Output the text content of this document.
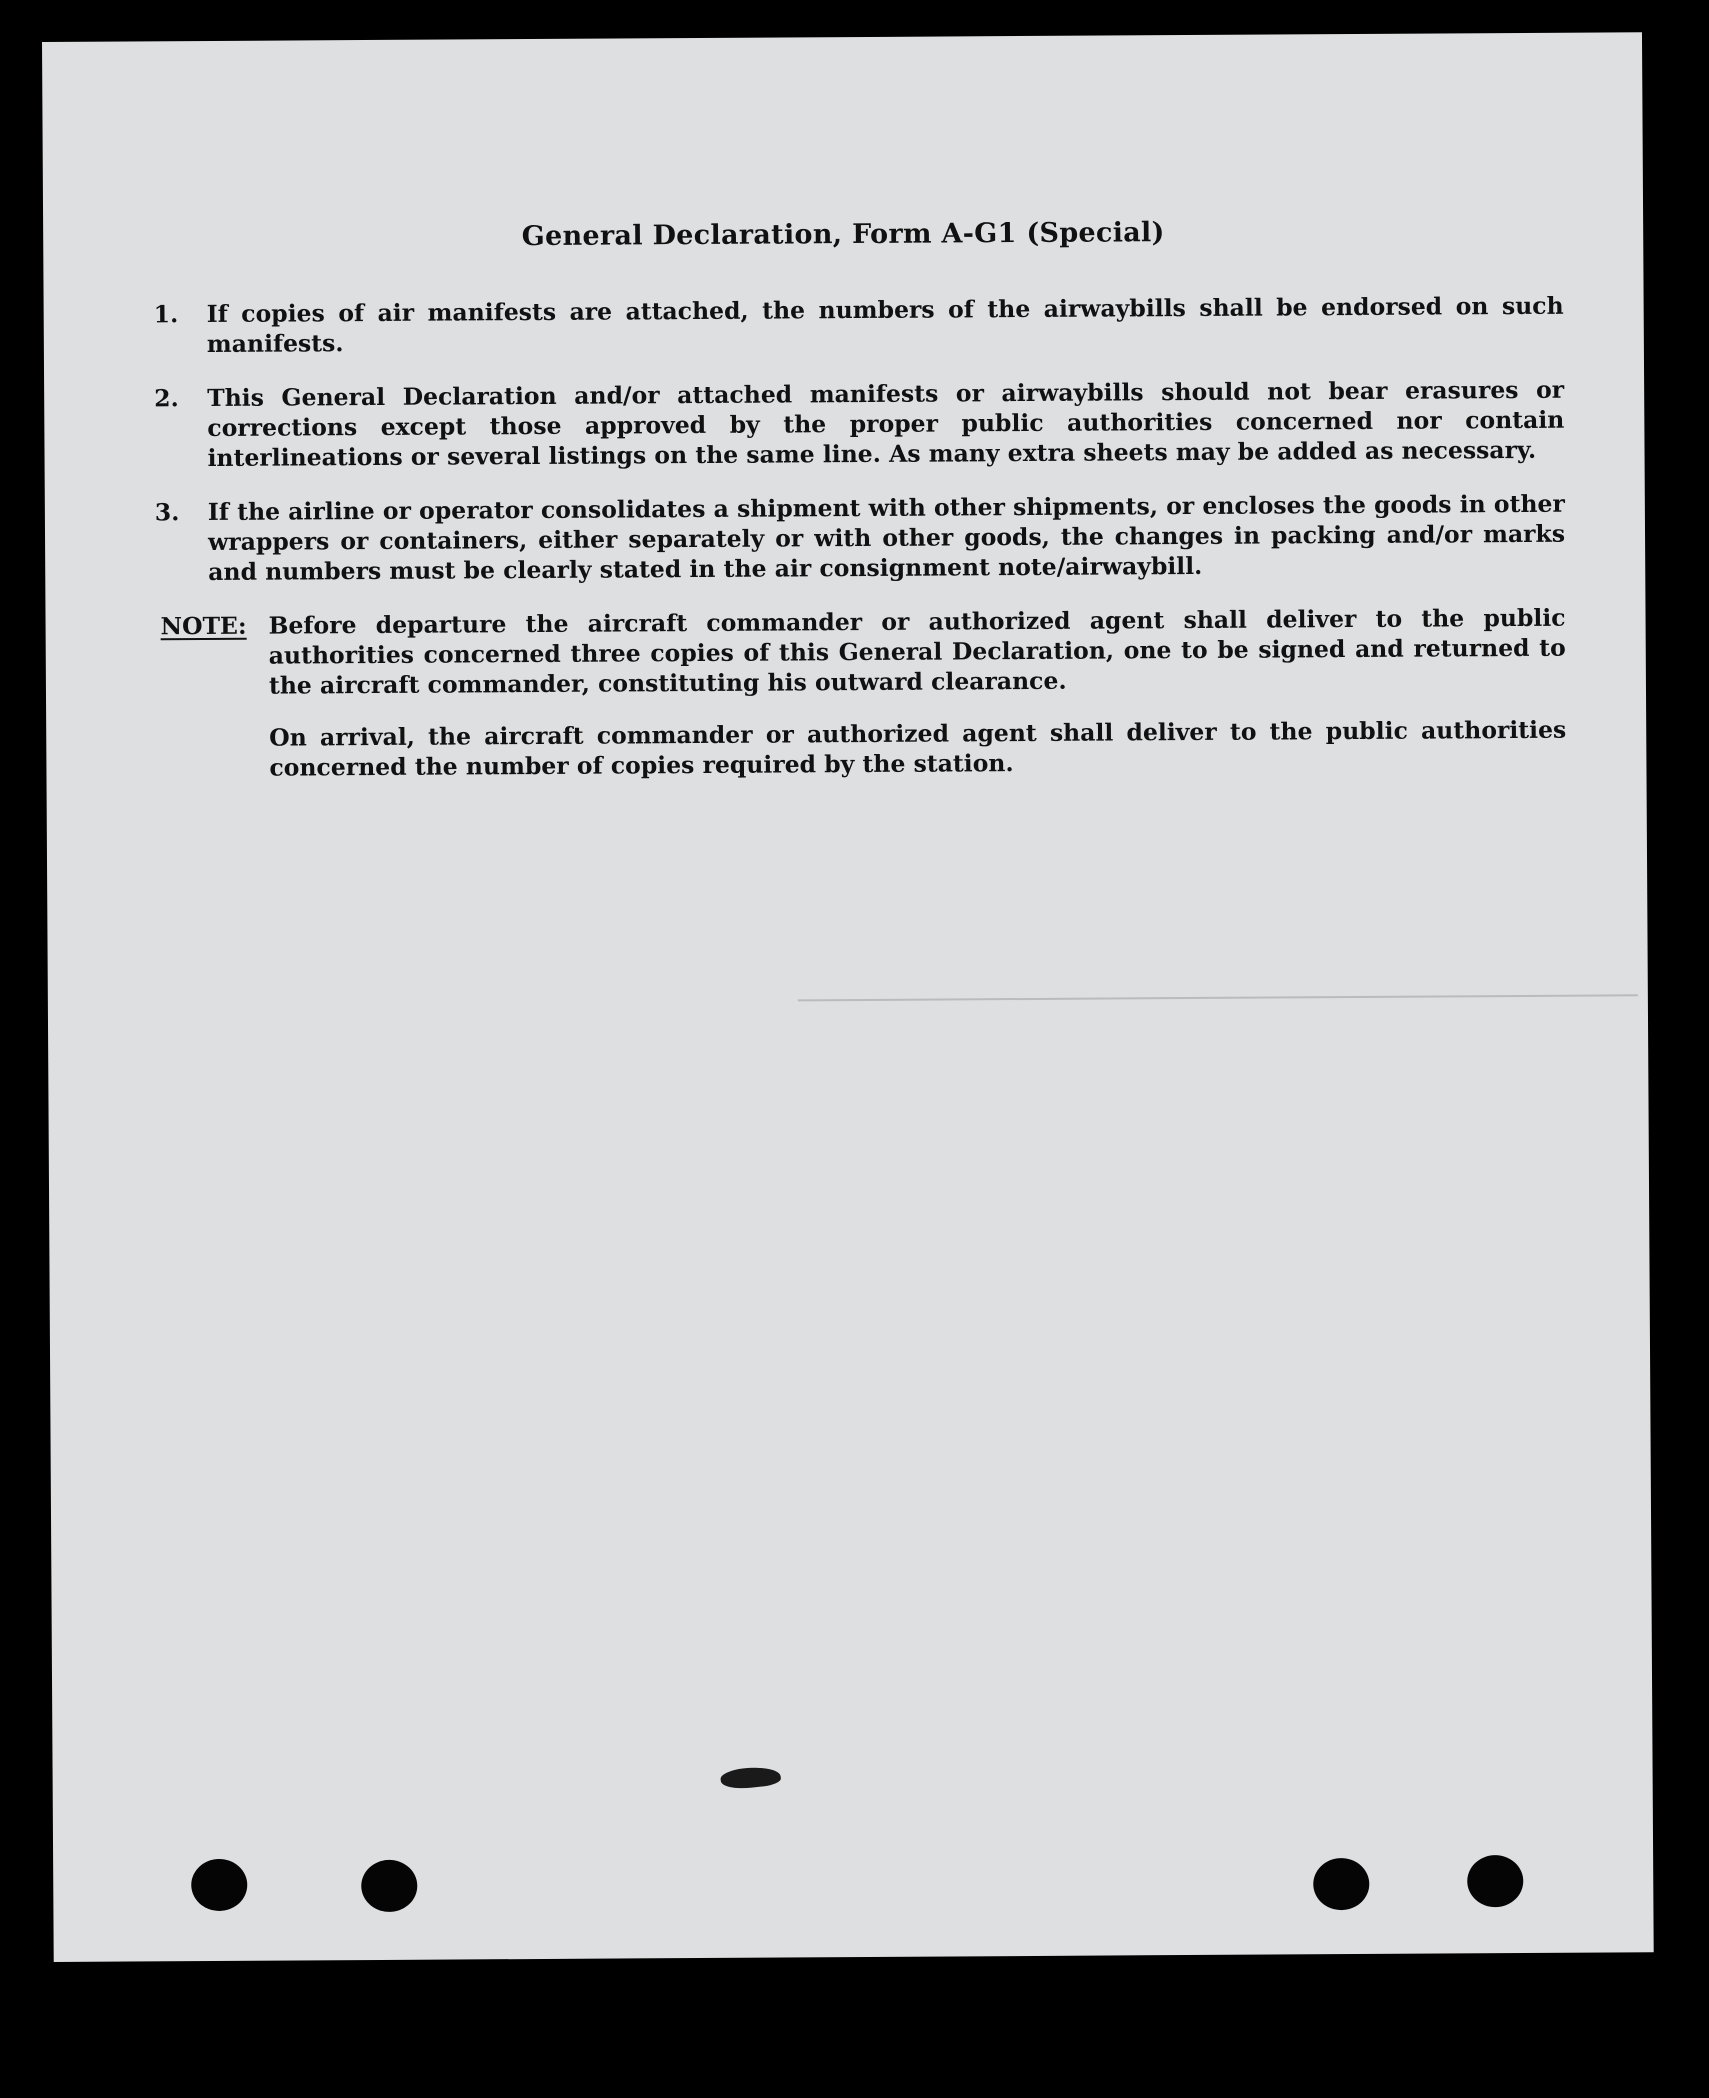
General Declaration, Form A-G1 (Special)
1. If copies of air manifests are attached, the numbers of the airwaybills shall be endorsed on such manifests.
2. This General Declaration and/or attached manifests or airwaybills should not bear erasures or corrections except those approved by the proper public authorities concerned nor contain interlineations or several listings on the same line. As many extra sheets may be added as necessary.
3. If the airline or operator consolidates a shipment with other shipments, or encloses the goods in other wrappers or containers, either separately or with other goods, the changes in packing and/or marks and numbers must be clearly stated in the air consignment note/airwaybill.
NOTE: Before departure the aircraft commander or authorized agent shall deliver to the public authorities concerned three copies of this General Declaration, one to be signed and returned to the aircraft commander, constituting his outward clearance.

On arrival, the aircraft commander or authorized agent shall deliver to the public authorities concerned the number of copies required by the station.
